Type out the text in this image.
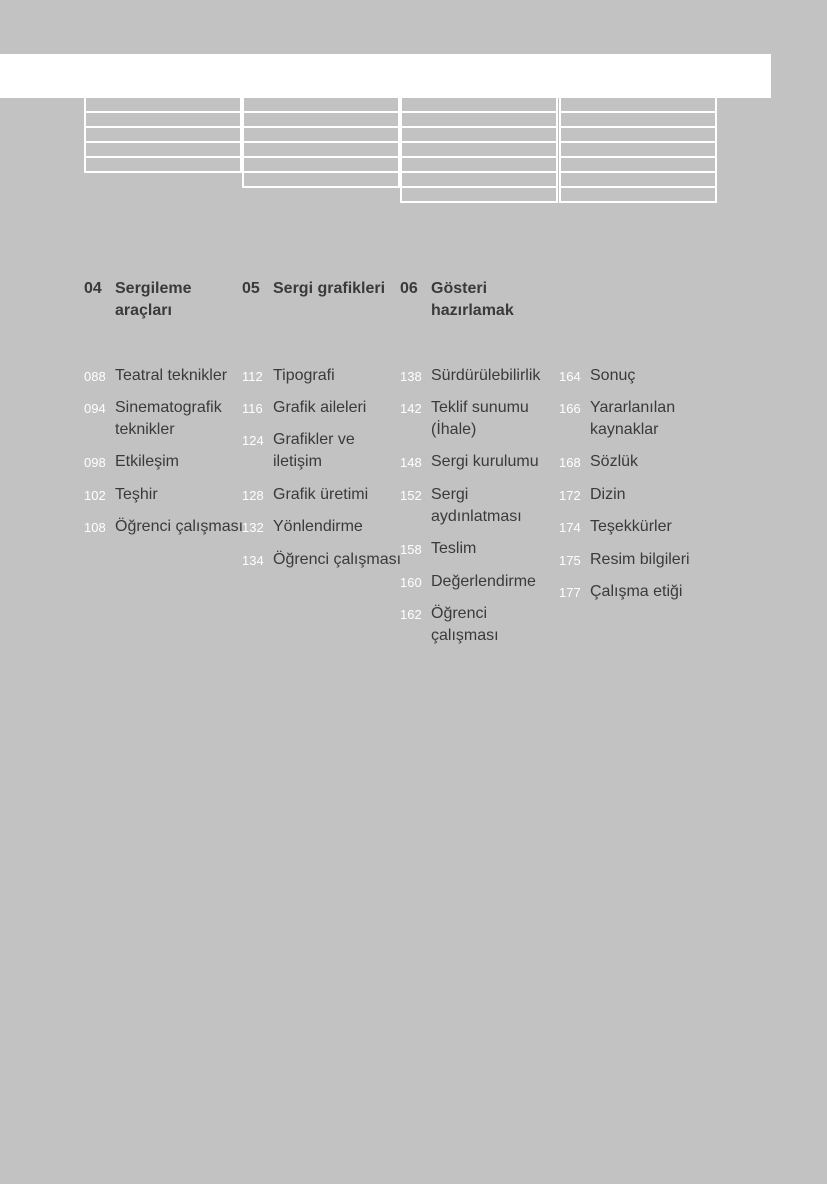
04 Sergileme araçları
05 Sergi grafikleri 06 Gösteri hazırlamak
088 Teatral teknikler
094 Sinematografik teknikler
098 Etkileşim
102 Teşhir
108 Öğrenci çalışması
112 Tipografi
116 Grafik aileleri
124 Grafikler ve iletişim
128 Grafik üretimi
132 Yönlendirme
134 Öğrenci çalışması
138 Sürdürülebilirlik
142 Teklif sunumu (İhale)
148 Sergi kurulumu
152 Sergi aydınlatması
158 Teslim
160 Değerlendirme
162 Öğrenci çalışması
164 Sonuç
166 Yararlanılan kaynaklar
168 Sözlük
172 Dizin
174 Teşekkürler
175 Resim bilgileri
177 Çalışma etiği
